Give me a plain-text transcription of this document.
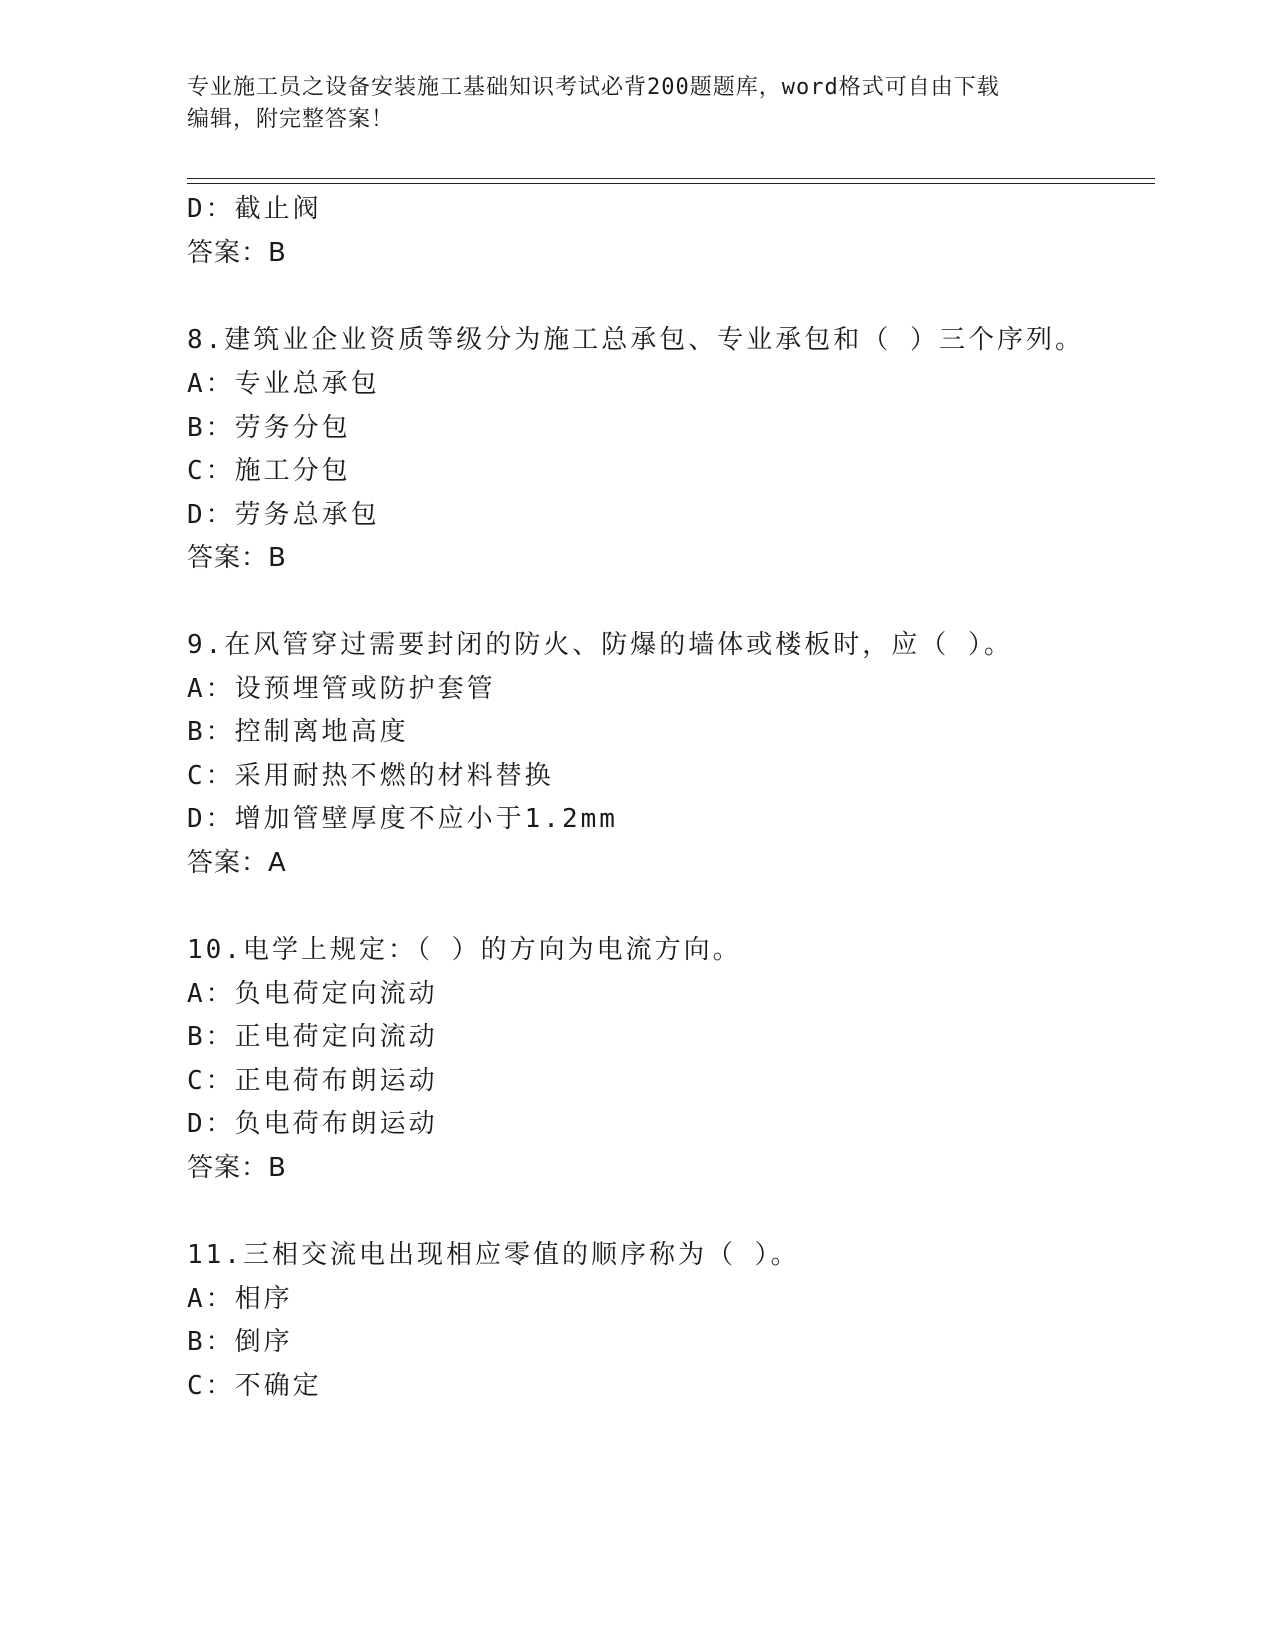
专业施工员之设备安装施工基础知识考试必背200题题库，word格式可自由下载
编辑，附完整答案！
D：截止阀
答案：B
8.建筑业企业资质等级分为施工总承包、专业承包和（ ）三个序列。
A：专业总承包
B：劳务分包
C：施工分包
D：劳务总承包
答案：B
9.在风管穿过需要封闭的防火、防爆的墙体或楼板时，应（ ）。
A：设预埋管或防护套管
B：控制离地高度
C：采用耐热不燃的材料替换
D：增加管壁厚度不应小于1.2mm
答案：A
10.电学上规定：（ ）的方向为电流方向。
A：负电荷定向流动
B：正电荷定向流动
C：正电荷布朗运动
D：负电荷布朗运动
答案：B
11.三相交流电出现相应零值的顺序称为（ ）。
A：相序
B：倒序
C：不确定
